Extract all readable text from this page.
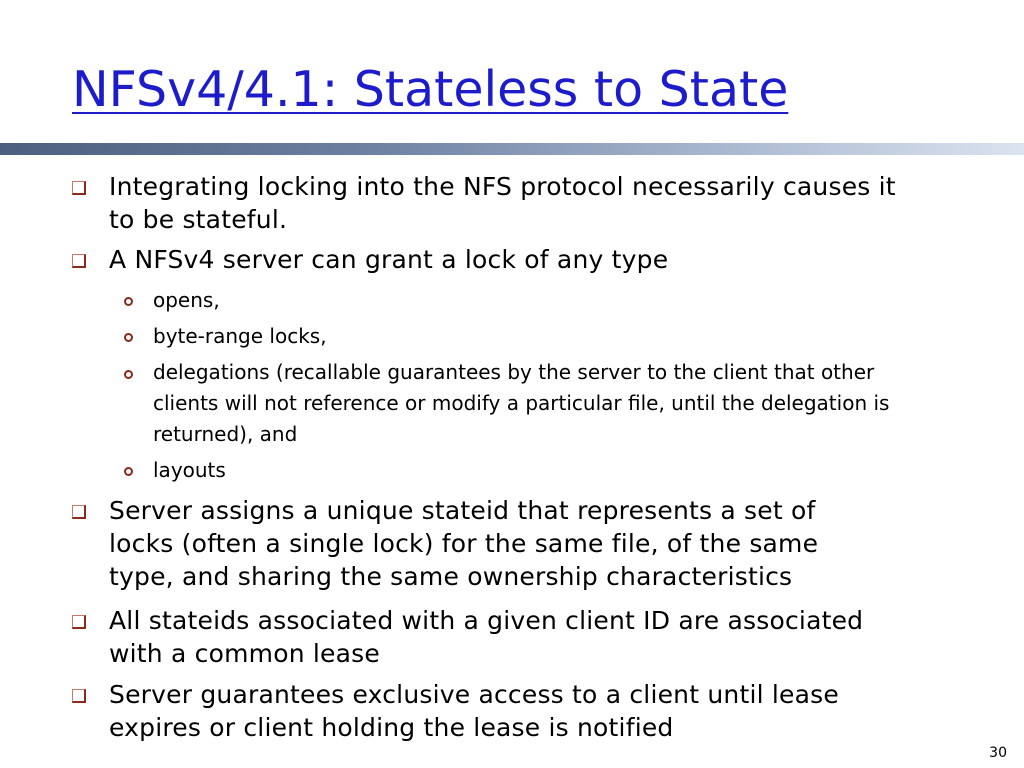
NFSv4/4.1: Stateless to State
Integrating locking into the NFS protocol necessarily causes it to be stateful.
A NFSv4 server can grant a lock of any type
opens,
byte-range locks,
delegations (recallable guarantees by the server to the client that other clients will not reference or modify a particular file, until the delegation is returned), and
layouts
Server assigns a unique stateid that represents a set of locks (often a single lock) for the same file, of the same type, and sharing the same ownership characteristics
All stateids associated with a given client ID are associated with a common lease
Server guarantees exclusive access to a client until lease expires or client holding the lease is notified
30
